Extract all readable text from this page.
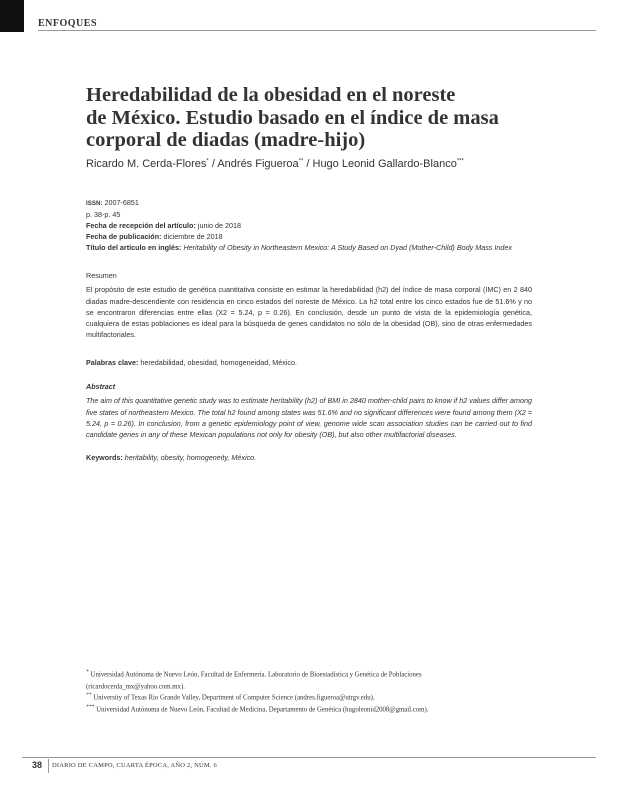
ENFOQUES
Heredabilidad de la obesidad en el noreste
de México. Estudio basado en el índice de masa
corporal de diadas (madre-hijo)
Ricardo M. Cerda-Flores* / Andrés Figueroa** / Hugo Leonid Gallardo-Blanco***
ISSN: 2007-6851
p. 38-p. 45
Fecha de recepción del artículo: junio de 2018
Fecha de publicación: diciembre de 2018
Título del artículo en inglés: Heritability of Obesity in Northeastern Mexico: A Study Based on Dyad (Mother-Child) Body Mass Index
Resumen

El propósito de este estudio de genética cuantitativa consiste en estimar la heredabilidad (h2) del índice de masa corporal (IMC) en 2 840 diadas madre-descendiente con residencia en cinco estados del noreste de México. La h2 total entre los cinco estados fue de 51.6% y no se encontraron diferencias entre ellas (X2 = 5.24, p = 0.26). En conclusión, desde un punto de vista de la epidemiología genética, cualquiera de estas poblaciones es ideal para la búsqueda de genes candidatos no sólo de la obesidad (OB), sino de otras enfermedades multifactoriales.

Palabras clave: heredabilidad, obesidad, homogeneidad, México.

Abstract

The aim of this quantitative genetic study was to estimate heritability (h2) of BMI in 2840 mother-child pairs to know if h2 values differ among five states of northeastern Mexico. The total h2 found among states was 51.6% and no significant differences were found among them (X2 = 5.24, p = 0.26). In conclusion, from a genetic epidemiology point of view, genome wide scan association studies can be carried out to find candidate genes in any of these Mexican populations not only for obesity (OB), but also other multifactorial diseases.

Keywords: heritability, obesity, homogeneity, México.

* Universidad Autónoma de Nuevo León, Facultad de Enfermería. Laboratorio de Bioestadística y Genética de Poblaciones
(ricardocerda_mx@yahoo.com.mx).
** University of Texas Rio Grande Valley, Department of Computer Science (andres.figueroa@utrgv.edu).
*** Universidad Autónoma de Nuevo León, Facultad de Medicina, Departamento de Genética (hugoleonid2008@gmail.com).
38 DIARIO DE CAMPO, CUARTA ÉPOCA, AÑO 2, NÚM. 6
